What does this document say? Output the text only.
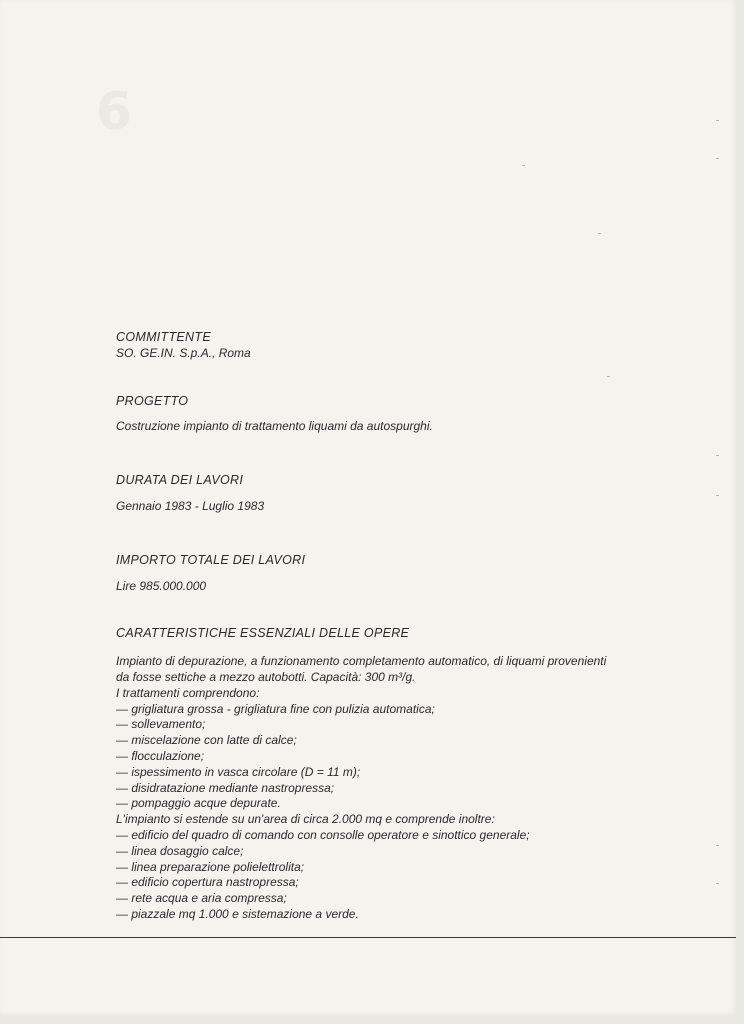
6
COMMITTENTE
SO. GE.IN. S.p.A., Roma
PROGETTO
Costruzione impianto di trattamento liquami da autospurghi.
DURATA DEI LAVORI
Gennaio 1983 - Luglio 1983
IMPORTO TOTALE DEI LAVORI
Lire 985.000.000
CARATTERISTICHE ESSENZIALI DELLE OPERE
Impianto di depurazione, a funzionamento completamento automatico, di liquami provenienti
da fosse settiche a mezzo autobotti. Capacità: 300 m³/g.
I trattamenti comprendono:
— grigliatura grossa - grigliatura fine con pulizia automatica;
— sollevamento;
— miscelazione con latte di calce;
— flocculazione;
— ispessimento in vasca circolare (D = 11 m);
— disidratazione mediante nastropressa;
— pompaggio acque depurate.
L'impianto si estende su un'area di circa 2.000 mq e comprende inoltre:
— edificio del quadro di comando con consolle operatore e sinottico generale;
— linea dosaggio calce;
— linea preparazione polielettrolita;
— edificio copertura nastropressa;
— rete acqua e aria compressa;
— piazzale mq 1.000 e sistemazione a verde.
